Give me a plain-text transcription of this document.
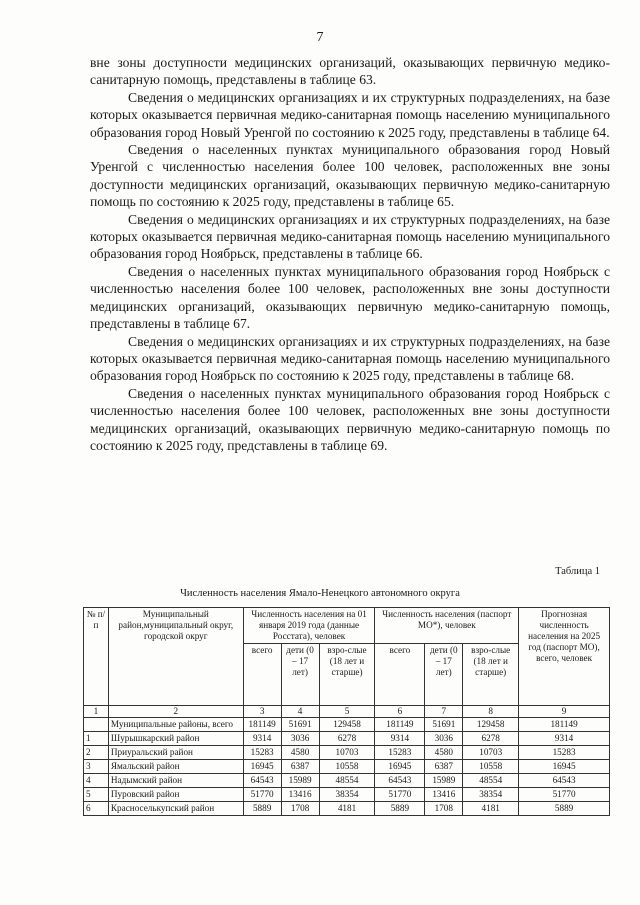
7

вне зоны доступности медицинских организаций, оказывающих первичную медико-санитарную помощь, представлены в таблице 63.

Сведения о медицинских организациях и их структурных подразделениях, на базе которых оказывается первичная медико-санитарная помощь населению муниципального образования город Новый Уренгой по состоянию к 2025 году, представлены в таблице 64.

Сведения о населенных пунктах муниципального образования город Новый Уренгой с численностью населения более 100 человек, расположенных вне зоны доступности медицинских организаций, оказывающих первичную медико-санитарную помощь по состоянию к 2025 году, представлены в таблице 65.

Сведения о медицинских организациях и их структурных подразделениях, на базе которых оказывается первичная медико-санитарная помощь населению муниципального образования город Ноябрьск, представлены в таблице 66.

Сведения о населенных пунктах муниципального образования город Ноябрьск с численностью населения более 100 человек, расположенных вне зоны доступности медицинских организаций, оказывающих первичную медико-санитарную помощь, представлены в таблице 67.

Сведения о медицинских организациях и их структурных подразделениях, на базе которых оказывается первичная медико-санитарная помощь населению муниципального образования город Ноябрьск по состоянию к 2025 году, представлены в таблице 68.

Сведения о населенных пунктах муниципального образования город Ноябрьск с численностью населения более 100 человек, расположенных вне зоны доступности медицинских организаций, оказывающих первичную медико-санитарную помощь по состоянию к 2025 году, представлены в таблице 69.

Таблица 1
Численность населения Ямало-Ненецкого автономного округа
№ п/п	Муниципальный район,муниципальный округ, городской округ	Численность населения на 01 января 2019 года (данные Росстата), человек			Численность населения (паспорт МО*), человек			Прогнозная численность населения на 2025 год (паспорт МО), всего, человек
		всего	дети (0 – 17 лет)	взро-слые (18 лет и старше)	всего	дети (0 – 17 лет)	взро-слые (18 лет и старше)	
1	2	3	4	5	6	7	8	9
	Муниципальные районы, всего	181149	51691	129458	181149	51691	129458	181149
1	Шурышкарский район	9314	3036	6278	9314	3036	6278	9314
2	Приуральский район	15283	4580	10703	15283	4580	10703	15283
3	Ямальский район	16945	6387	10558	16945	6387	10558	16945
4	Надымский район	64543	15989	48554	64543	15989	48554	64543
5	Пуровский район	51770	13416	38354	51770	13416	38354	51770
6	Красноселькупский район	5889	1708	4181	5889	1708	4181	5889
